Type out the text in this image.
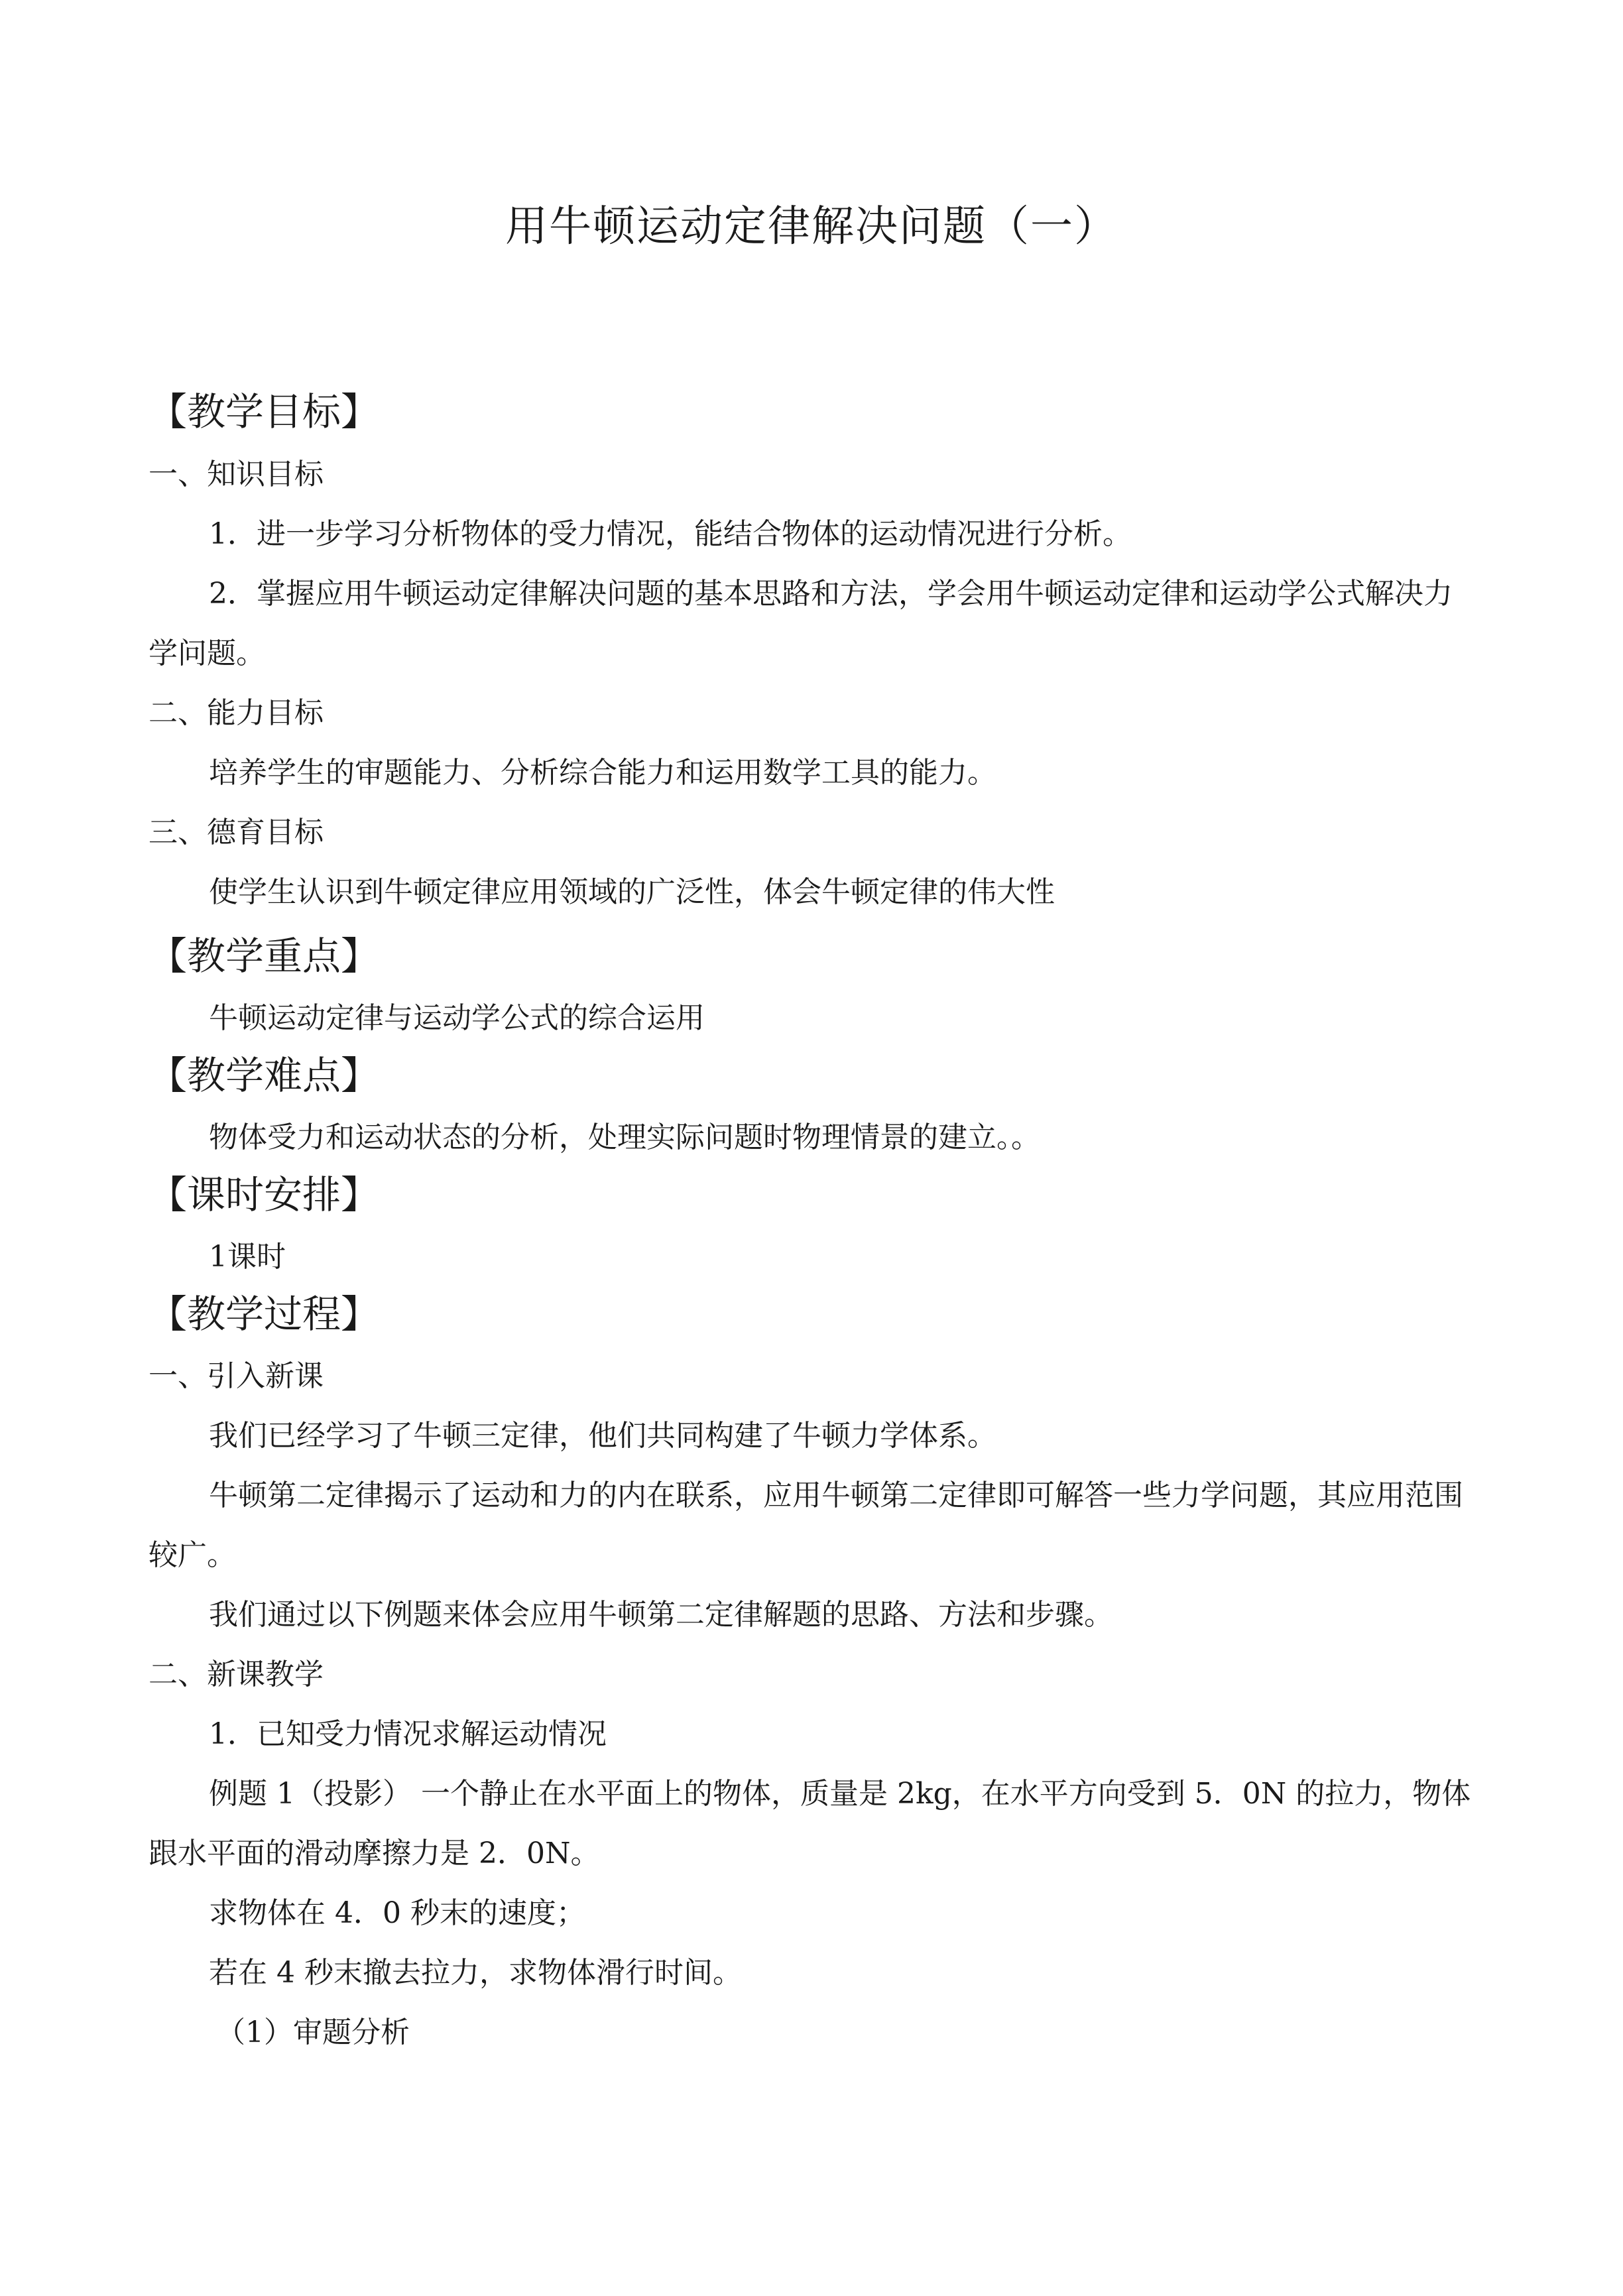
用牛顿运动定律解决问题（一）
【教学目标】
一、知识目标
1．进一步学习分析物体的受力情况，能结合物体的运动情况进行分析。
2．掌握应用牛顿运动定律解决问题的基本思路和方法，学会用牛顿运动定律和运动学公式解决力学问题。
二、能力目标
培养学生的审题能力、分析综合能力和运用数学工具的能力。
三、德育目标
使学生认识到牛顿定律应用领域的广泛性，体会牛顿定律的伟大性
【教学重点】
牛顿运动定律与运动学公式的综合运用
【教学难点】
物体受力和运动状态的分析，处理实际问题时物理情景的建立。。
【课时安排】
1课时
【教学过程】
一、引入新课
我们已经学习了牛顿三定律，他们共同构建了牛顿力学体系。
牛顿第二定律揭示了运动和力的内在联系，应用牛顿第二定律即可解答一些力学问题，其应用范围较广。
我们通过以下例题来体会应用牛顿第二定律解题的思路、方法和步骤。
二、新课教学
1．已知受力情况求解运动情况
例题 1（投影） 一个静止在水平面上的物体，质量是 2kg，在水平方向受到 5．0N 的拉力，物体跟水平面的滑动摩擦力是 2．0N。
求物体在 4．0 秒末的速度；
若在 4 秒末撤去拉力，求物体滑行时间。
（1）审题分析
